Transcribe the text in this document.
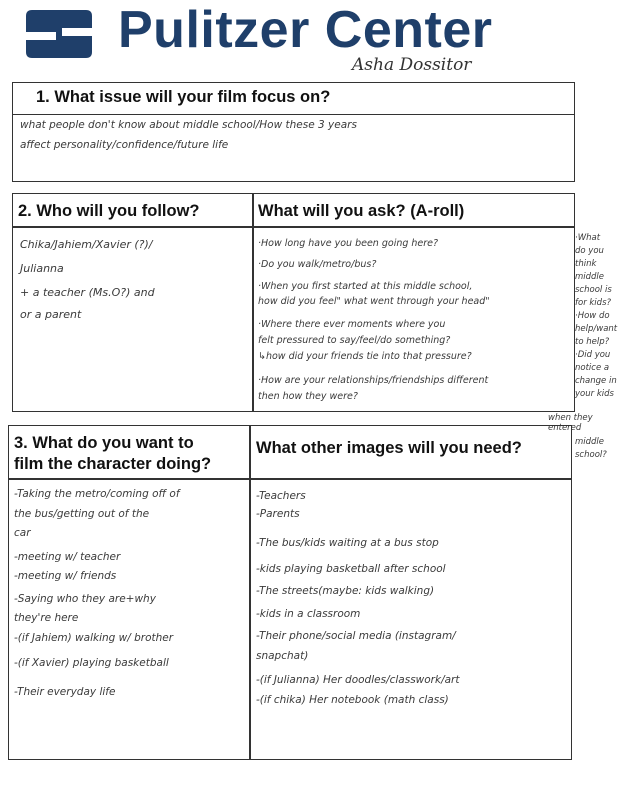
Pulitzer Center
Asha Dossitor
1. What issue will your film focus on?
what people don't know about middle school/How these 3 years
affect personality/confidence/future life
2. Who will you follow?	What will you ask? (A-roll)
Chika/Jahiem/Xavier (?)/
Julianna
+ a teacher (Ms.O?) and
or a parent
·How long have you been going here?
·Do you walk/metro/bus?
·When you first started at this middle school,
how did you feel" what went through your head"
·Where there ever moments where you
felt pressured to say/feel/do something?
↳how did your friends tie into that pressure?
·How are your relationships/friendships different
then how they were?
·What
do you
think
middle
school is
for kids?
·How do
help/want
to help?
·Did you
notice a
change in
your kids
when they
entered
middle
school?
3. What do you want to
film the character doing?
What other images will you need?
-Taking the metro/coming off of
the bus/getting out of the
car
-meeting w/ teacher
-meeting w/ friends
-Saying who they are+why
they're here
-(if Jahiem) walking w/ brother
-(if Xavier) playing basketball
-Their everyday life
-Teachers
-Parents
-The bus/kids waiting at a bus stop
-kids playing basketball after school
-The streets(maybe: kids walking)
-kids in a classroom
-Their phone/social media (instagram/
snapchat)
-(if Julianna) Her doodles/classwork/art
-(if chika) Her notebook (math class)
